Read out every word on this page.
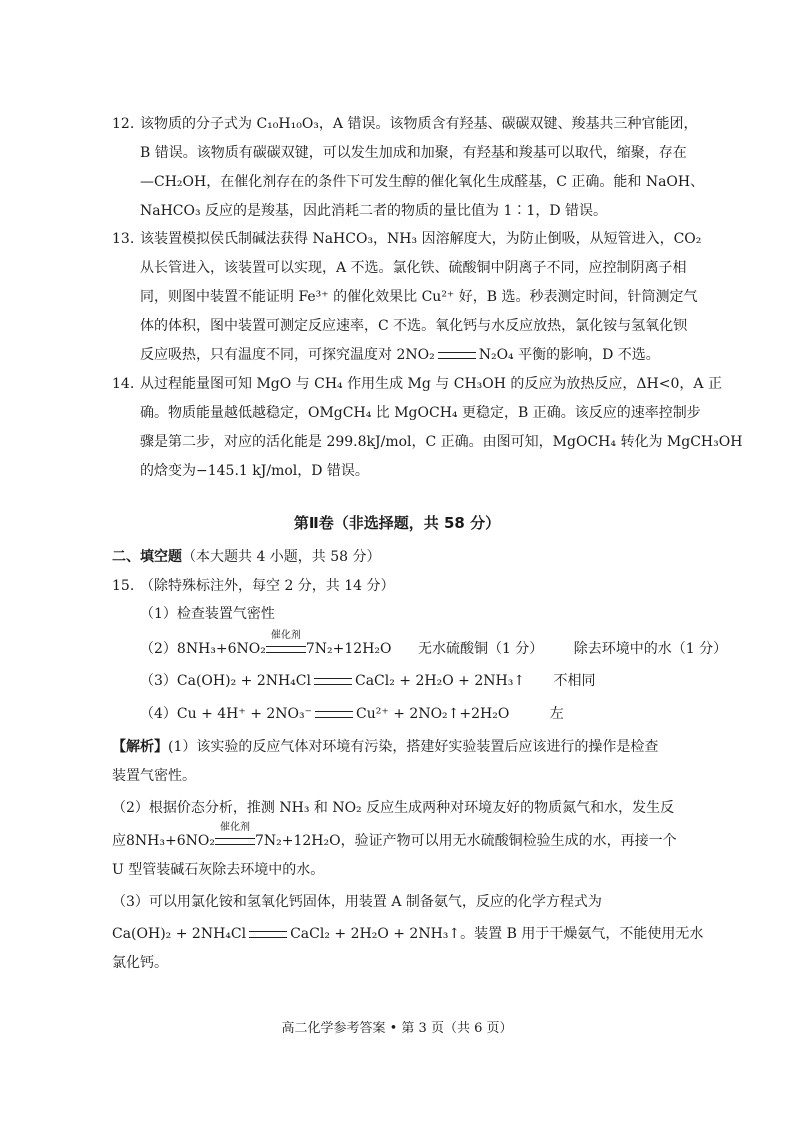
12. 该物质的分子式为 C₁₀H₁₀O₃，A 错误。该物质含有羟基、碳碳双键、羧基共三种官能团，
B 错误。该物质有碳碳双键，可以发生加成和加聚，有羟基和羧基可以取代，缩聚，存在
—CH₂OH，在催化剂存在的条件下可发生醇的催化氧化生成醛基，C 正确。能和 NaOH、
NaHCO₃ 反应的是羧基，因此消耗二者的物质的量比值为 1∶1，D 错误。
13. 该装置模拟侯氏制碱法获得 NaHCO₃，NH₃ 因溶解度大，为防止倒吸，从短管进入，CO₂
从长管进入，该装置可以实现，A 不选。氯化铁、硫酸铜中阴离子不同，应控制阴离子相
同，则图中装置不能证明 Fe³⁺ 的催化效果比 Cu²⁺ 好，B 选。秒表测定时间，针筒测定气
体的体积，图中装置可测定反应速率，C 不选。氧化钙与水反应放热，氯化铵与氢氧化钡
反应吸热，只有温度不同，可探究温度对 2NO₂	N₂O₄ 平衡的影响，D 不选。
14. 从过程能量图可知 MgO 与 CH₄ 作用生成 Mg 与 CH₃OH 的反应为放热反应，ΔH<0，A 正
确。物质能量越低越稳定，OMgCH₄ 比 MgOCH₄ 更稳定，B 正确。该反应的速率控制步
骤是第二步，对应的活化能是 299.8kJ/mol，C 正确。由图可知，MgOCH₄ 转化为 MgCH₃OH
的焓变为−145.1 kJ/mol，D 错误。
第Ⅱ卷（非选择题，共 58 分）
二、填空题（本大题共 4 小题，共 58 分）
15. （除特殊标注外，每空 2 分，共 14 分）
（1）检查装置气密性
（2）8NH₃+6NO₂
催化剂
7N₂+12H₂O 无水硫酸铜（1 分） 除去环境中的水（1 分）
（3）Ca(OH)₂ + 2NH₄Cl	CaCl₂ + 2H₂O + 2NH₃↑ 不相同
（4）Cu + 4H⁺ + 2NO₃⁻	Cu²⁺ + 2NO₂↑+2H₂O	左
【解析】(1）该实验的反应气体对环境有污染，搭建好实验装置后应该进行的操作是检查
装置气密性。
（2）根据价态分析，推测 NH₃ 和 NO₂ 反应生成两种对环境友好的物质氮气和水，发生反
应8NH₃+6NO₂
催化剂
7N₂+12H₂O，验证产物可以用无水硫酸铜检验生成的水，再接一个
U 型管装碱石灰除去环境中的水。
（3）可以用氯化铵和氢氧化钙固体，用装置 A 制备氨气，反应的化学方程式为
Ca(OH)₂ + 2NH₄Cl	CaCl₂ + 2H₂O + 2NH₃↑。装置 B 用于干燥氨气，不能使用无水
氯化钙。
高二化学参考答案 • 第 3 页（共 6 页）
